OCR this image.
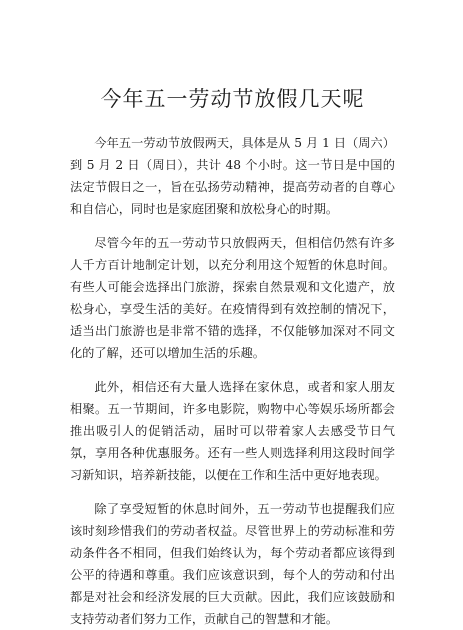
今年五一劳动节放假几天呢

今年五一劳动节放假两天，具体是从 5 月 1 日（周六）到 5 月 2 日（周日），共计 48 个小时。这一节日是中国的法定节假日之一，旨在弘扬劳动精神，提高劳动者的自尊心和自信心，同时也是家庭团聚和放松身心的时期。

尽管今年的五一劳动节只放假两天，但相信仍然有许多人千方百计地制定计划，以充分利用这个短暂的休息时间。有些人可能会选择出门旅游，探索自然景观和文化遗产，放松身心，享受生活的美好。在疫情得到有效控制的情况下，适当出门旅游也是非常不错的选择，不仅能够加深对不同文化的了解，还可以增加生活的乐趣。

此外，相信还有大量人选择在家休息，或者和家人朋友相聚。五一节期间，许多电影院，购物中心等娱乐场所都会推出吸引人的促销活动，届时可以带着家人去感受节日气氛，享用各种优惠服务。还有一些人则选择利用这段时间学习新知识，培养新技能，以便在工作和生活中更好地表现。

除了享受短暂的休息时间外，五一劳动节也提醒我们应该时刻珍惜我们的劳动者权益。尽管世界上的劳动标准和劳动条件各不相同，但我们始终认为，每个劳动者都应该得到公平的待遇和尊重。我们应该意识到，每个人的劳动和付出都是对社会和经济发展的巨大贡献。因此，我们应该鼓励和支持劳动者们努力工作，贡献自己的智慧和才能。
